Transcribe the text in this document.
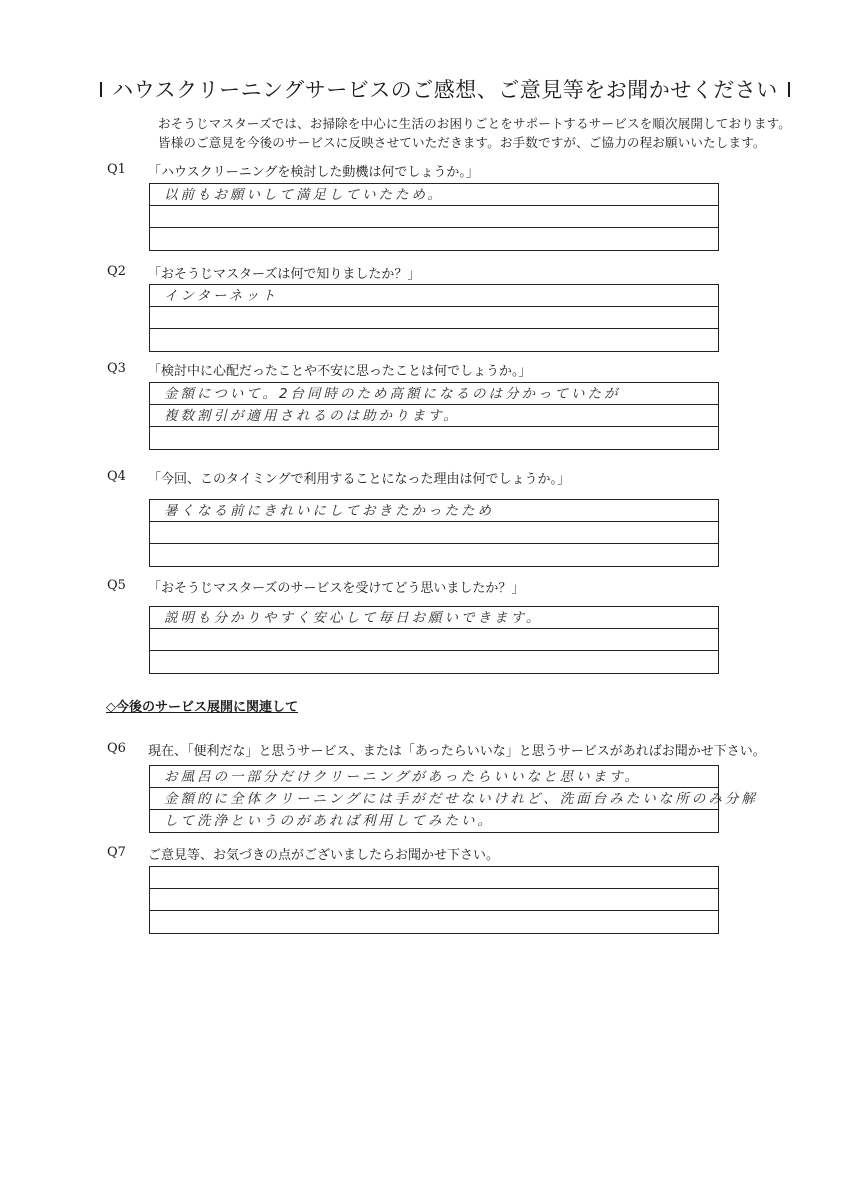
ハウスクリーニングサービスのご感想、ご意見等をお聞かせください
おそうじマスターズでは、お掃除を中心に生活のお困りごとをサポートするサービスを順次展開しております。
皆様のご意見を今後のサービスに反映させていただきます。お手数ですが、ご協力の程お願いいたします。
Q1 「ハウスクリーニングを検討した動機は何でしょうか。」
以前もお願いして満足していたため。
Q2 「おそうじマスターズは何で知りましたか？」
インターネット
Q3 「検討中に心配だったことや不安に思ったことは何でしょうか。」
金額について。2台同時のため高額になるのは分かっていたが
複数割引が適用されるのは助かります。
Q4 「今回、このタイミングで利用することになった理由は何でしょうか。」
暑くなる前にきれいにしておきたかったため
Q5 「おそうじマスターズのサービスを受けてどう思いましたか？」
説明も分かりやすく安心して毎日お願いできます。
◇今後のサービス展開に関連して
Q6 現在、「便利だな」と思うサービス、または「あったらいいな」と思うサービスがあればお聞かせ下さい。
お風呂の一部分だけクリーニングがあったらいいなと思います。
金額的に全体クリーニングには手がだせないけれど、洗面台みたいな所のみ分解
して洗浄というのがあれば利用してみたい。
Q7 ご意見等、お気づきの点がございましたらお聞かせ下さい。
